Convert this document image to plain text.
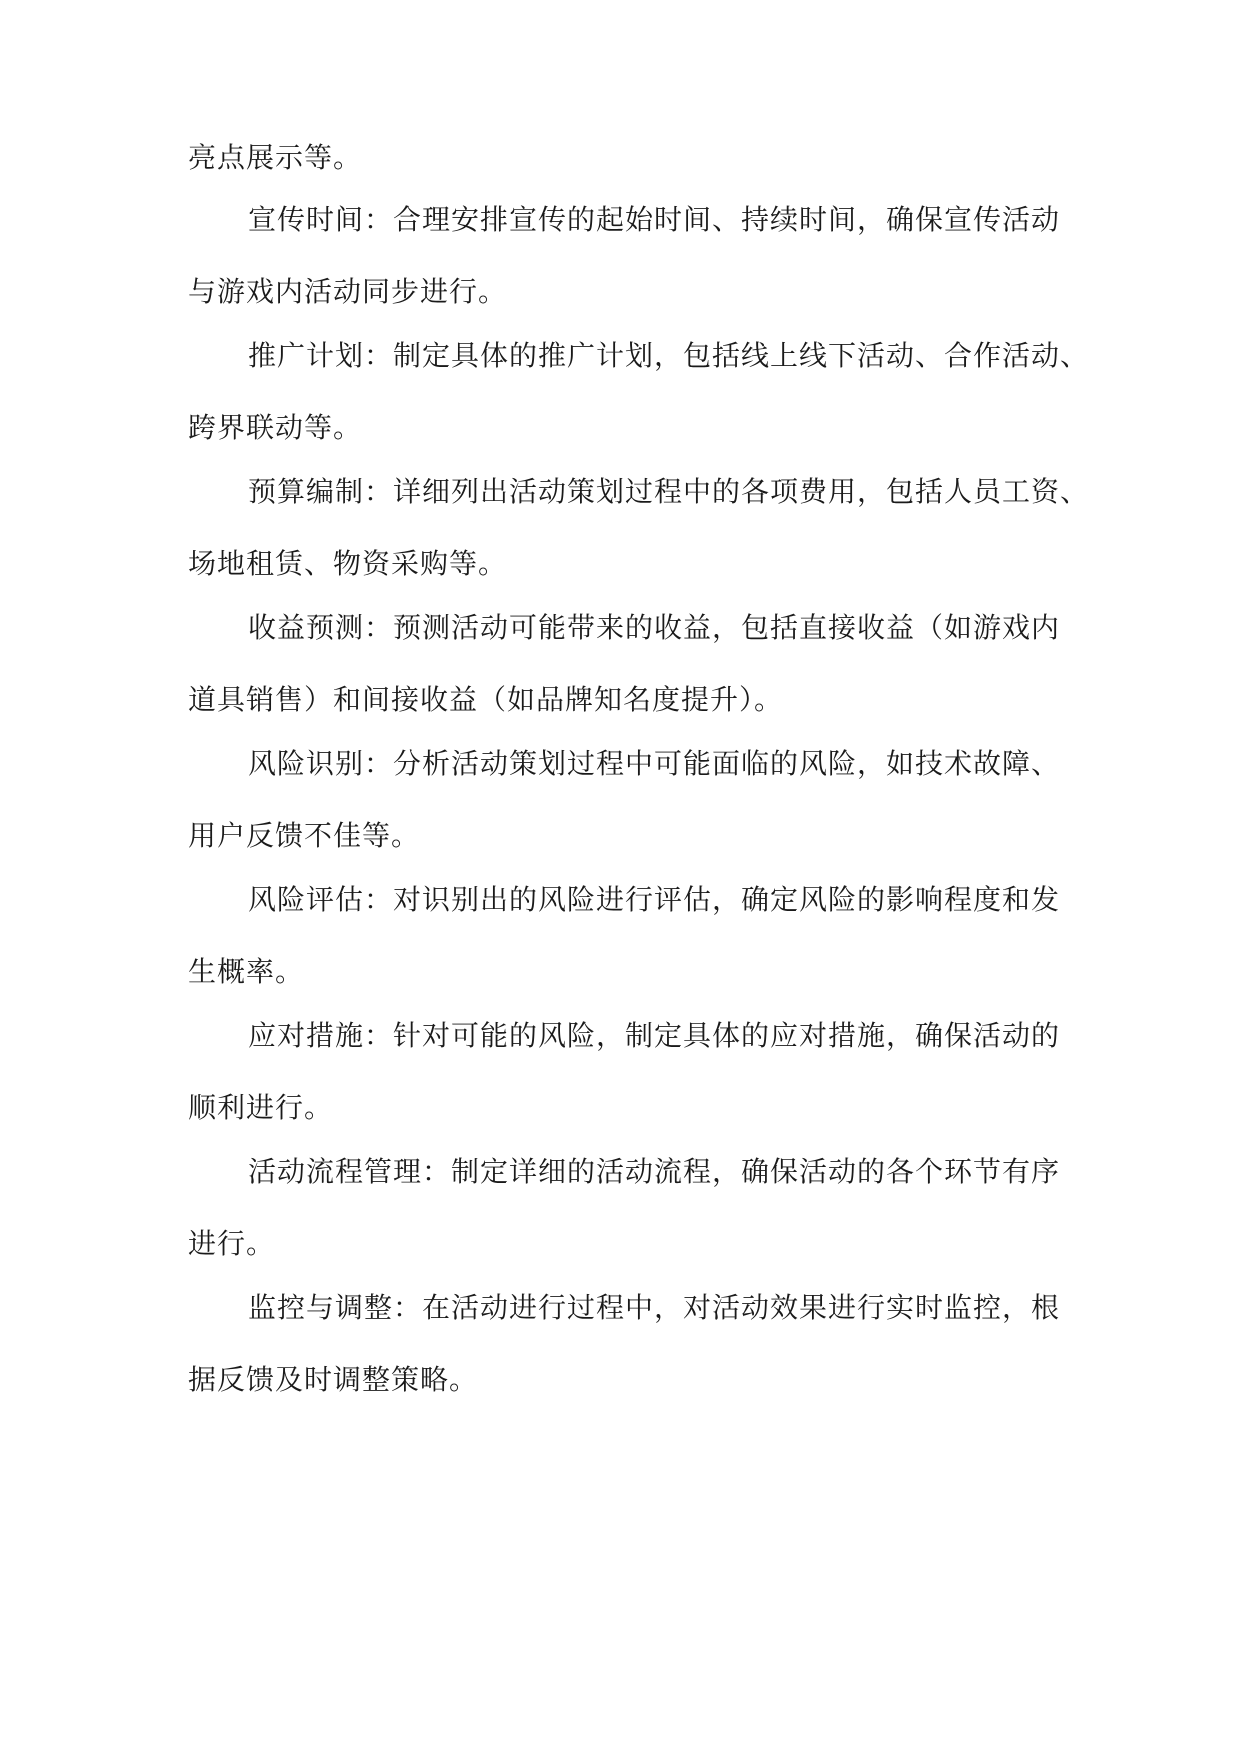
亮点展示等。

宣传时间：合理安排宣传的起始时间、持续时间，确保宣传活动

与游戏内活动同步进行。

推广计划：制定具体的推广计划，包括线上线下活动、合作活动、

跨界联动等。

预算编制：详细列出活动策划过程中的各项费用，包括人员工资、

场地租赁、物资采购等。

收益预测：预测活动可能带来的收益，包括直接收益（如游戏内

道具销售）和间接收益（如品牌知名度提升）。

风险识别：分析活动策划过程中可能面临的风险，如技术故障、

用户反馈不佳等。

风险评估：对识别出的风险进行评估，确定风险的影响程度和发

生概率。

应对措施：针对可能的风险，制定具体的应对措施，确保活动的

顺利进行。

活动流程管理：制定详细的活动流程，确保活动的各个环节有序

进行。

监控与调整：在活动进行过程中，对活动效果进行实时监控，根

据反馈及时调整策略。
